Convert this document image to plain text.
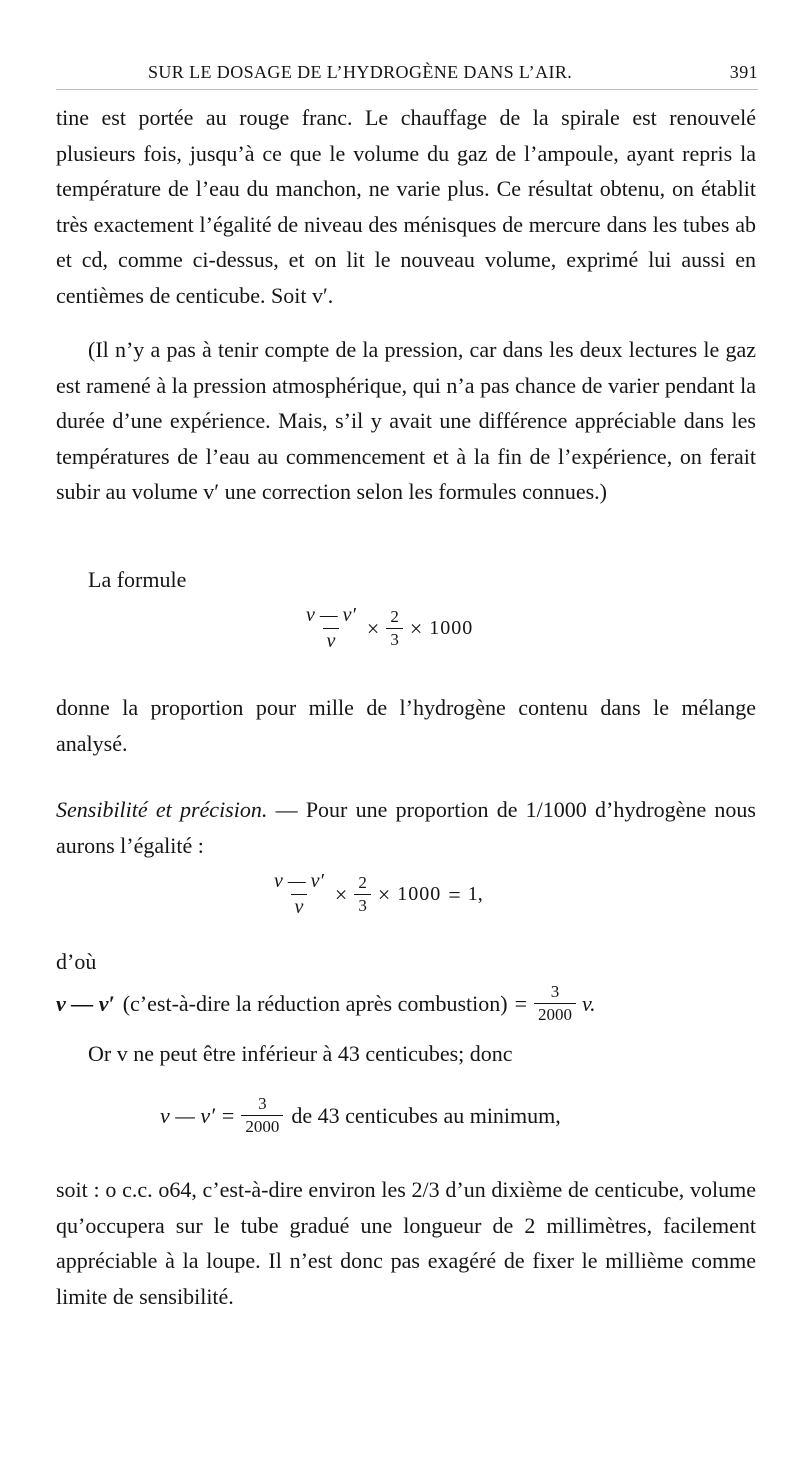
SUR LE DOSAGE DE L’HYDROGÈNE DANS L’AIR.	391

tine est portée au rouge franc. Le chauffage de la spirale est renouvelé plusieurs fois, jusqu’à ce que le volume du gaz de l’ampoule, ayant repris la température de l’eau du manchon, ne varie plus. Ce résultat obtenu, on établit très exactement l’égalité de niveau des ménisques de mercure dans les tubes ab et cd, comme ci-dessus, et on lit le nouveau volume, exprimé lui aussi en centièmes de centicube. Soit v′.

(Il n’y a pas à tenir compte de la pression, car dans les deux lectures le gaz est ramené à la pression atmosphérique, qui n’a pas chance de varier pendant la durée d’une expérience. Mais, s’il y avait une différence appréciable dans les températures de l’eau au commencement et à la fin de l’expérience, on ferait subir au volume v′ une correction selon les formules connues.)

La formule

$\frac{v — v'}{v} \times \frac{2}{3} \times 1000$

donne la proportion pour mille de l’hydrogène contenu dans le mélange analysé.

Sensibilité et précision. — Pour une proportion de 1/1000 d’hydrogène nous aurons l’égalité :

$\frac{v — v'}{v} \times \frac{2}{3} \times 1000 = 1$,

d’où

v — v′ (c’est-à-dire la réduction après combustion) = $\frac{3}{2000} v$.

Or v ne peut être inférieur à 43 centicubes; donc

v — $v' = \frac{3}{2000}$ de 43 centicubes au minimum,

soit : o c.c. o64, c’est-à-dire environ les 2/3 d’un dixième de centicube, volume qu’occupera sur le tube gradué une longueur de 2 millimètres, facilement appréciable à la loupe. Il n’est donc pas exagéré de fixer le millième comme limite de sensibilité.
